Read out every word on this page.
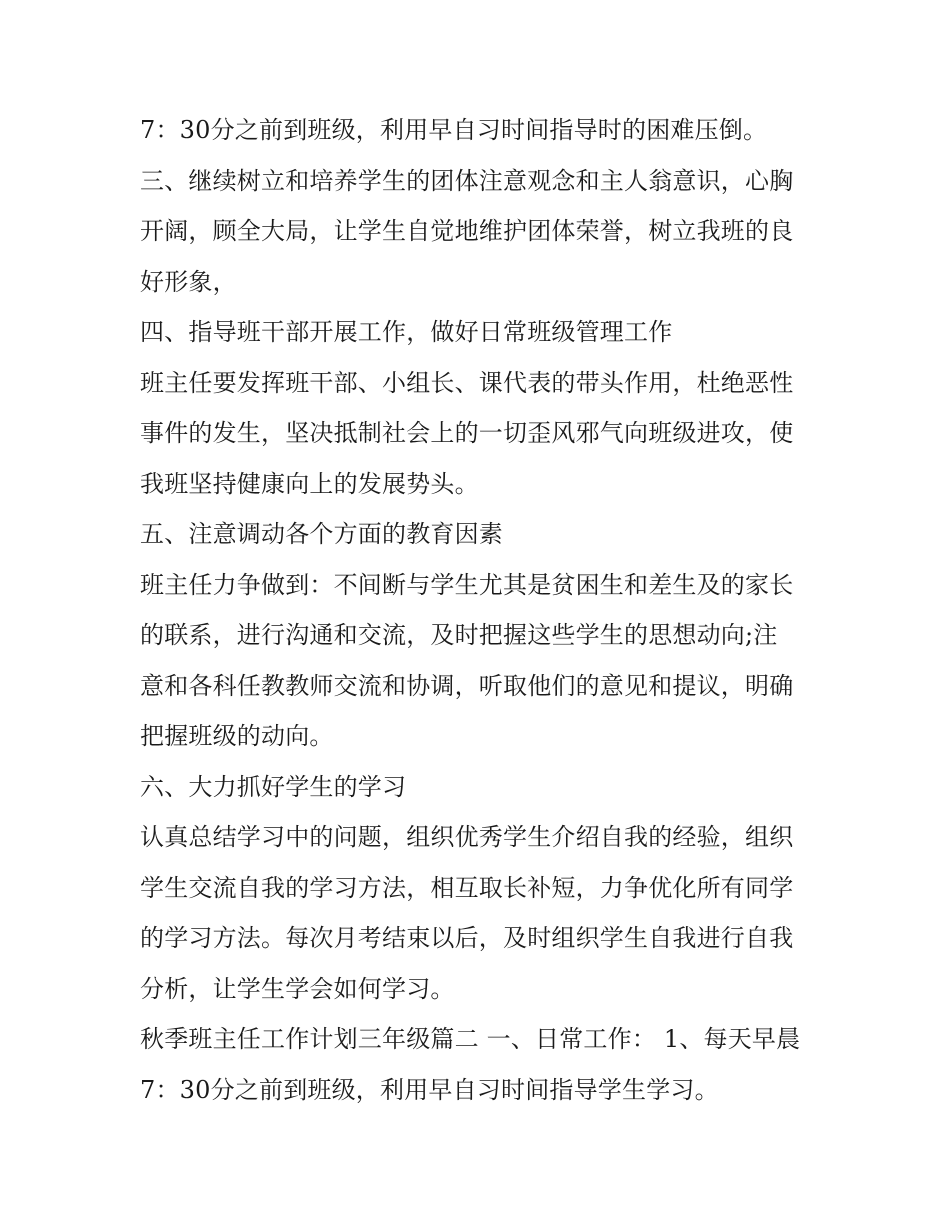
7：30分之前到班级，利用早自习时间指导时的困难压倒。
三、继续树立和培养学生的团体注意观念和主人翁意识，心胸
开阔，顾全大局，让学生自觉地维护团体荣誉，树立我班的良
好形象，
四、指导班干部开展工作，做好日常班级管理工作
班主任要发挥班干部、小组长、课代表的带头作用，杜绝恶性
事件的发生，坚决抵制社会上的一切歪风邪气向班级进攻，使
我班坚持健康向上的发展势头。
五、注意调动各个方面的教育因素
班主任力争做到：不间断与学生尤其是贫困生和差生及的家长
的联系，进行沟通和交流，及时把握这些学生的思想动向;注
意和各科任教教师交流和协调，听取他们的意见和提议，明确
把握班级的动向。
六、大力抓好学生的学习
认真总结学习中的问题，组织优秀学生介绍自我的经验，组织
学生交流自我的学习方法，相互取长补短，力争优化所有同学
的学习方法。每次月考结束以后，及时组织学生自我进行自我
分析，让学生学会如何学习。
秋季班主任工作计划三年级篇二 一、日常工作： 1、每天早晨
7：30分之前到班级，利用早自习时间指导学生学习。
